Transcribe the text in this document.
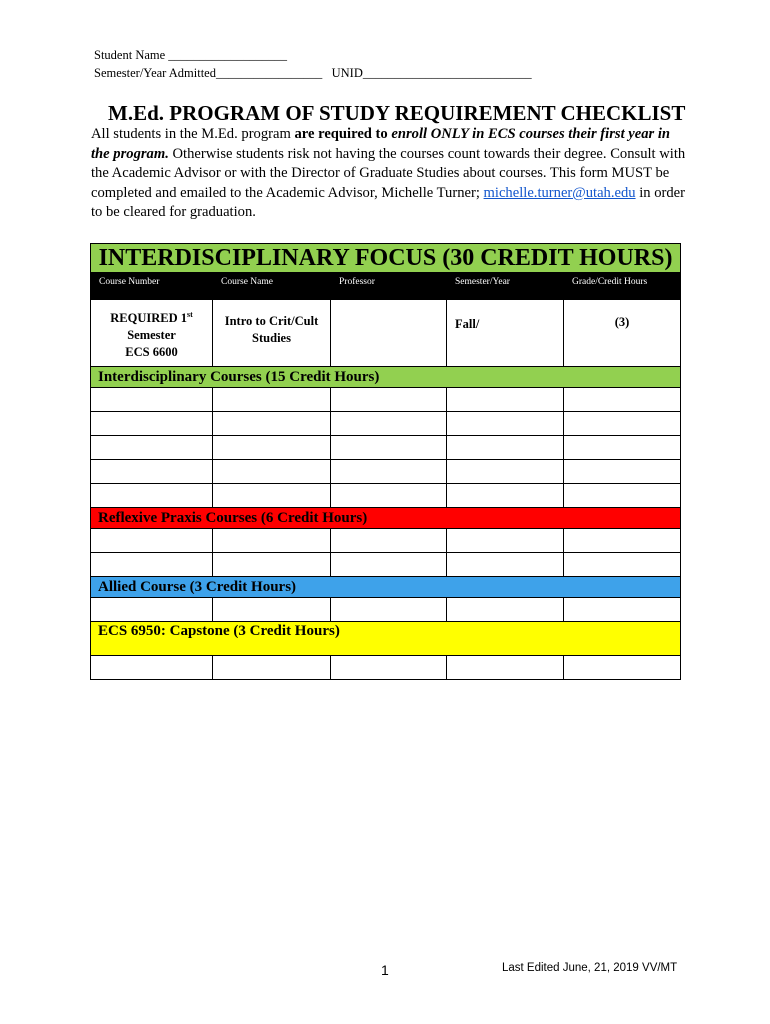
Student Name ___________________
Semester/Year Admitted_________________ UNID___________________________
M.Ed. PROGRAM OF STUDY REQUIREMENT CHECKLIST
All students in the M.Ed. program are required to enroll ONLY in ECS courses their first year in the program. Otherwise students risk not having the courses count towards their degree. Consult with the Academic Advisor or with the Director of Graduate Studies about courses. This form MUST be completed and emailed to the Academic Advisor, Michelle Turner; michelle.turner@utah.edu in order to be cleared for graduation.
INTERDISCIPLINARY FOCUS (30 CREDIT HOURS)				

Course Number	Course Name	Professor	Semester/Year	Grade/Credit Hours

REQUIRED 1st
Semester
ECS 6600	Intro to Crit/Cult Studies		Fall/	(3)

Interdisciplinary Courses (15 Credit Hours)				

Reflexive Praxis Courses (6 Credit Hours)				

Allied Course (3 Credit Hours)				

ECS 6950: Capstone (3 Credit Hours)				

1	Last Edited June, 21, 2019 VV/MT
